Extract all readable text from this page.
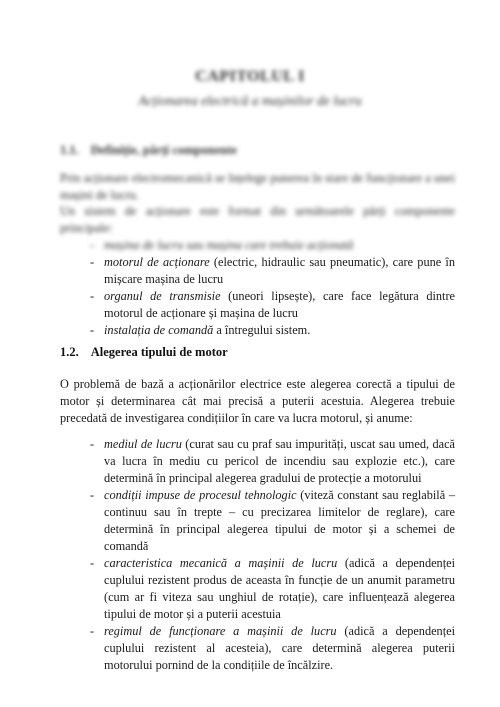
CAPITOLUL I
Acționarea electrică a mașinilor de lucru
1.1. Definiție, părți componente

Prin acționare electromecanică se înțelege punerea în stare de funcționare a unei mașini de lucru.

Un sistem de acționare este format din următoarele părți componente principale:

- mașina de lucru sau mașina care trebuie acționată
- motorul de acționare (electric, hidraulic sau pneumatic), care pune în mișcare mașina de lucru
- organul de transmisie (uneori lipsește), care face legătura dintre motorul de acționare și mașina de lucru
- instalația de comandă a întregului sistem.
1.2. Alegerea tipului de motor

O problemă de bază a acționărilor electrice este alegerea corectă a tipului de motor și determinarea cât mai precisă a puterii acestuia. Alegerea trebuie precedată de investigarea condițiilor în care va lucra motorul, și anume:

- mediul de lucru (curat sau cu praf sau impurități, uscat sau umed, dacă va lucra în mediu cu pericol de incendiu sau explozie etc.), care determină în principal alegerea gradului de protecție a motorului
- condiții impuse de procesul tehnologic (viteză constant sau reglabilă – continuu sau în trepte – cu precizarea limitelor de reglare), care determină în principal alegerea tipului de motor și a schemei de comandă
- caracteristica mecanică a mașinii de lucru (adică a dependenței cuplului rezistent produs de aceasta în funcție de un anumit parametru (cum ar fi viteza sau unghiul de rotație), care influențează alegerea tipului de motor și a puterii acestuia
- regimul de funcționare a mașinii de lucru (adică a dependenței cuplului rezistent al acesteia), care determină alegerea puterii motorului pornind de la condițiile de încălzire.
